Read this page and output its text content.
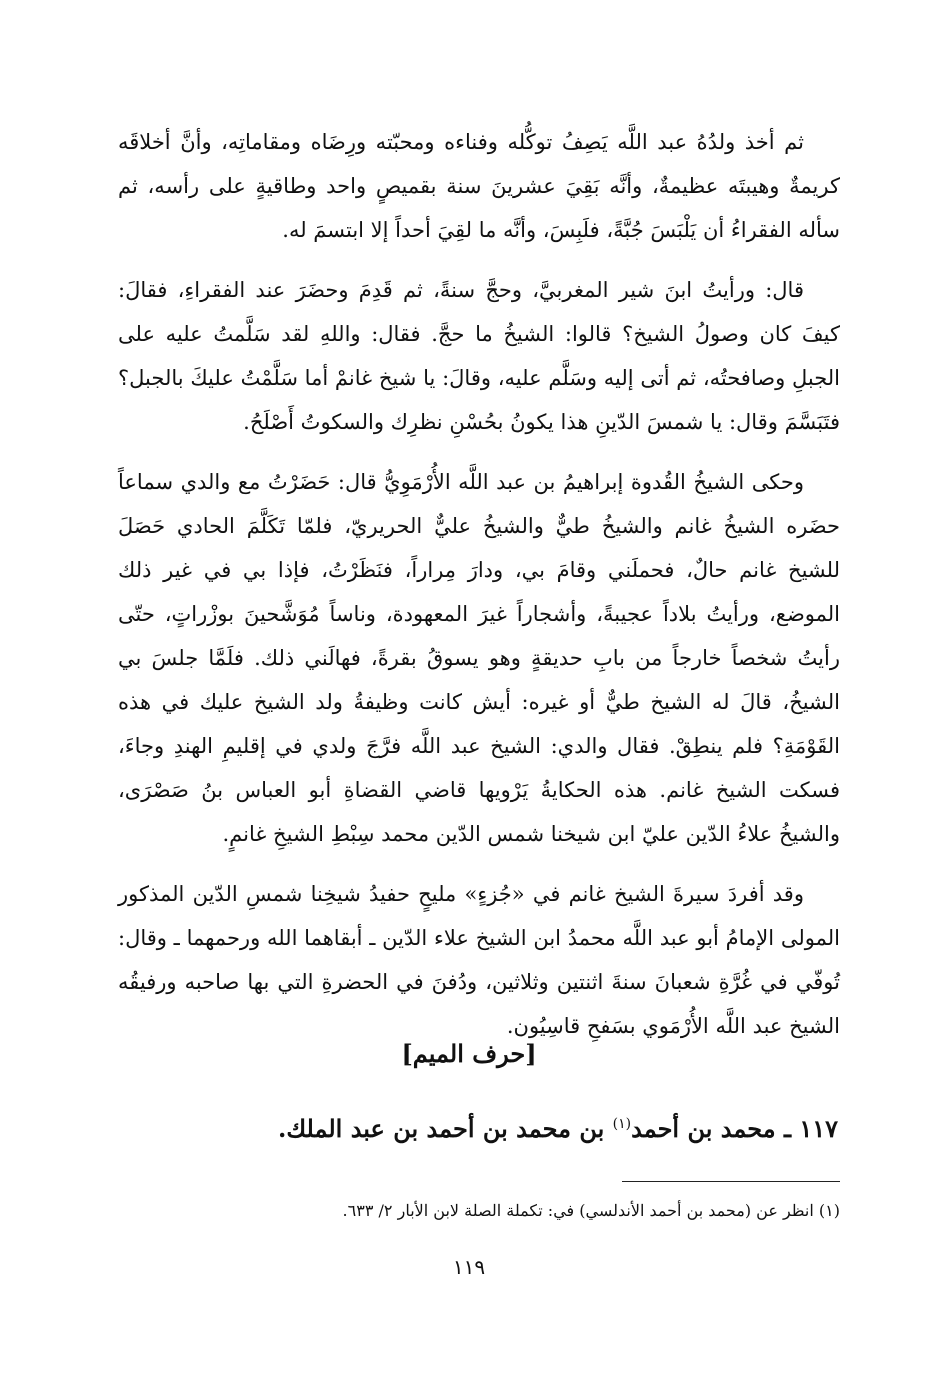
ثم أخذ ولدُهُ عبد اللَّه يَصِفُ توكُّله وفناءه ومحبّته ورِضَاه ومقاماتِه، وأنَّ أخلاقَه كريمةٌ وهيبتَه عظيمةٌ، وأنَّه بَقِيَ عشرينَ سنة بقميصٍ واحد وطاقيةٍ على رأسه، ثم سأله الفقراءُ أن يَلْبَسَ جُبَّةً، فلَبِسَ، وأنَّه ما لقِيَ أحداً إلا ابتسمَ له.

قال: ورأيتُ ابنَ شير المغربيَّ، وحجَّ سنةً، ثم قَدِمَ وحضَرَ عند الفقراءِ، فقالَ: كيفَ كان وصولُ الشيخ؟ قالوا: الشيخُ ما حجَّ. فقال: واللهِ لقد سَلَّمتُ عليه على الجبلِ وصافحتُه، ثم أتى إليه وسَلَّم عليه، وقالَ: يا شيخ غانمْ أما سَلَّمْتُ عليكَ بالجبل؟ فتَبَسَّمَ وقال: يا شمسَ الدّينِ هذا يكونُ بحُسْنِ نظرِك والسكوتُ أَصْلَحُ.

وحكى الشيخُ القُدوة إبراهيمُ بن عبد اللَّه الأُرْمَوِيُّ قال: حَضَرْتُ مع والدي سماعاً حضَره الشيخُ غانم والشيخُ طيٌّ والشيخُ عليٌّ الحريريّ، فلمّا تَكَلَّمَ الحادي حَصَلَ للشيخ غانم حالٌ، فحملَني وقامَ بي، ودارَ مِراراً، فنَظَرْتُ، فإذا بي في غير ذلك الموضع، ورأيتُ بلاداً عجيبةً، وأشجاراً غيرَ المعهودة، وناساً مُوَشَّحينَ بوزْراتٍ، حتّى رأيتُ شخصاً خارجاً من بابِ حديقةٍ وهو يسوقُ بقرةً، فهالَني ذلك. فلَمَّا جلسَ بي الشيخُ، قالَ له الشيخ طيٌّ أو غيره: أيش كانت وظيفةُ ولد الشيخ عليك في هذه القَوْمَةِ؟ فلم ينطِقْ. فقال والدي: الشيخ عبد اللَّه فرَّجَ ولدي في إقليمِ الهندِ وجاءَ، فسكت الشيخ غانم. هذه الحكايةُ يَرْويها قاضي القضاةِ أبو العباس بنُ صَصْرَى، والشيخُ علاءُ الدّين عليّ ابن شيخنا شمس الدّين محمد سِبْطِ الشيخِ غانمٍ.

وقد أفردَ سيرةَ الشيخ غانم في «جُزءٍ» مليحٍ حفيدُ شيخِنا شمسِ الدّين المذكور المولى الإمامُ أبو عبد اللَّه محمدُ ابن الشيخ علاء الدّين ـ أبقاهما الله ورحمهما ـ وقال: تُوفّي في غُرَّةِ شعبانَ سنةَ اثنتين وثلاثين، ودُفنَ في الحضرةِ التي بها صاحبه ورفيقُه الشيخ عبد اللَّه الأُرْمَوي بسَفحِ قاسِيُون.

[حرف الميم]
١١٧ ـ محمد بن أحمد$^{(١)}$ بن محمد بن أحمد بن عبد الملك.
(١) انظر عن (محمد بن أحمد الأندلسي) في: تكملة الصلة لابن الأبار ٢/ ٦٣٣.
١١٩
